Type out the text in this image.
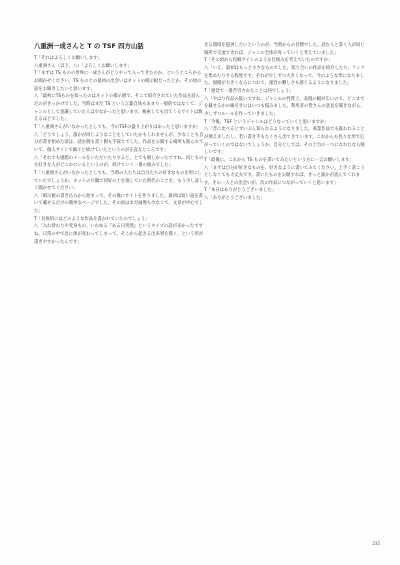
八重洲一成さんと T の TSF 四方山話

T「それはよろしくお願いします」

八重洲さん（以下、八）「よろしくお願いします」

T「まずは TS ものの世界に一成さんがどうやって入ってきたのか、というところからお聞かせください。TS ものとの最初の出会いはネットの掲示板だったとか、その頃の話をお聞きしたいと思います」

八「最初にTSものを知ったのはネットの掲示板で、そこで紹介されていた作品を読んだのがきっかけでした。当時はまだ TS という言葉自体もあまり一般的ではなくて、ジャンルとして意識していた人は少なかったと思います。検索しても出てくるサイトは数えるほどでした」

T「八重洲さんがいなかったとしても、今のTSFの盛り上がりはあったと思いますか」

八「どうでしょう。誰かが同じようなことをしていたかもしれませんが、少なくとも自分が書き始めた頃は、読む側も書く側も手探りでした。作品を公開する場所も限られていて、個人サイトで細々と続けていたというのが正直なところです」

八「それでも感想のメールをいただいたりすると、とても嬉しかったですね。同じものを好きな人がどこかにいるというのが、続けていく一番の励みでした」

T「八重洲さんがいなかったとしても、当時の人たちは自分たちの好きなものを形にしていたでしょうか。ネットの片隅で同好の士を探していた時代のことを、もう少し詳しく聞かせてください」

八「掲示板の書き込みから始まって、その後にサイトを作りました。最初は短い話を書いて載せるだけの簡単なページでした。その頃はまだ画像も少なくて、文章が中心でした」

T「具体的にはどのような作品を書かれていたのでしょう」

八「入れ替わりや変身もの、いわゆる『ある日突然』というタイプの話が多かったですね。日常の中で急に体が変わってしまって、そこから起きる出来事を描く、という形が書きやすかったんです」

きる環境を提供したいというのが、当時からの目標でした。読む人と書く人が同じ場所で交流できれば、ジャンル全体が育っていくと考えていました」

T「その頃から投稿サイトのような仕組みを考えていたのですか」

八「いえ、最初はもっと小さなものでした。知り合いの作品を紹介したり、リンクを集めたりする程度です。それが少しずつ大きくなって、今のような形になりました。規模が大きくなるにつれて、運営の難しさも感じるようになりました」

T「運営で一番苦労されたことは何でしょう」

八「やはり作品の扱いですね。ジャンルの性質上、表現の幅が広いので、どこまでを載せるかの線引きにはいつも悩みました。利用者の皆さんの意見を聞きながら、少しずつルールを作っていきました」

T「今後、TSF というジャンルはどうなっていくと思いますか」

八「昔に比べるとずいぶん知られるようになりました。商業作品でも扱われることが増えましたし、若い書き手もたくさん出てきています。これからも色々な形で広がっていくのではないでしょうか。自分としては、その土台の一つになれたなら嬉しいです」

T「最後に、これから TS ものを書いてみたいという方に一言お願いします」

八「まずは自分が好きなものを、好きなように書いてみてください。上手く書こうとしなくても大丈夫です。書いたものを公開すれば、きっと誰かが読んでくれます。その一人との出会いが、次の作品につながっていくと思います」

T「本日はありがとうございました」

八「ありがとうございました」

235
